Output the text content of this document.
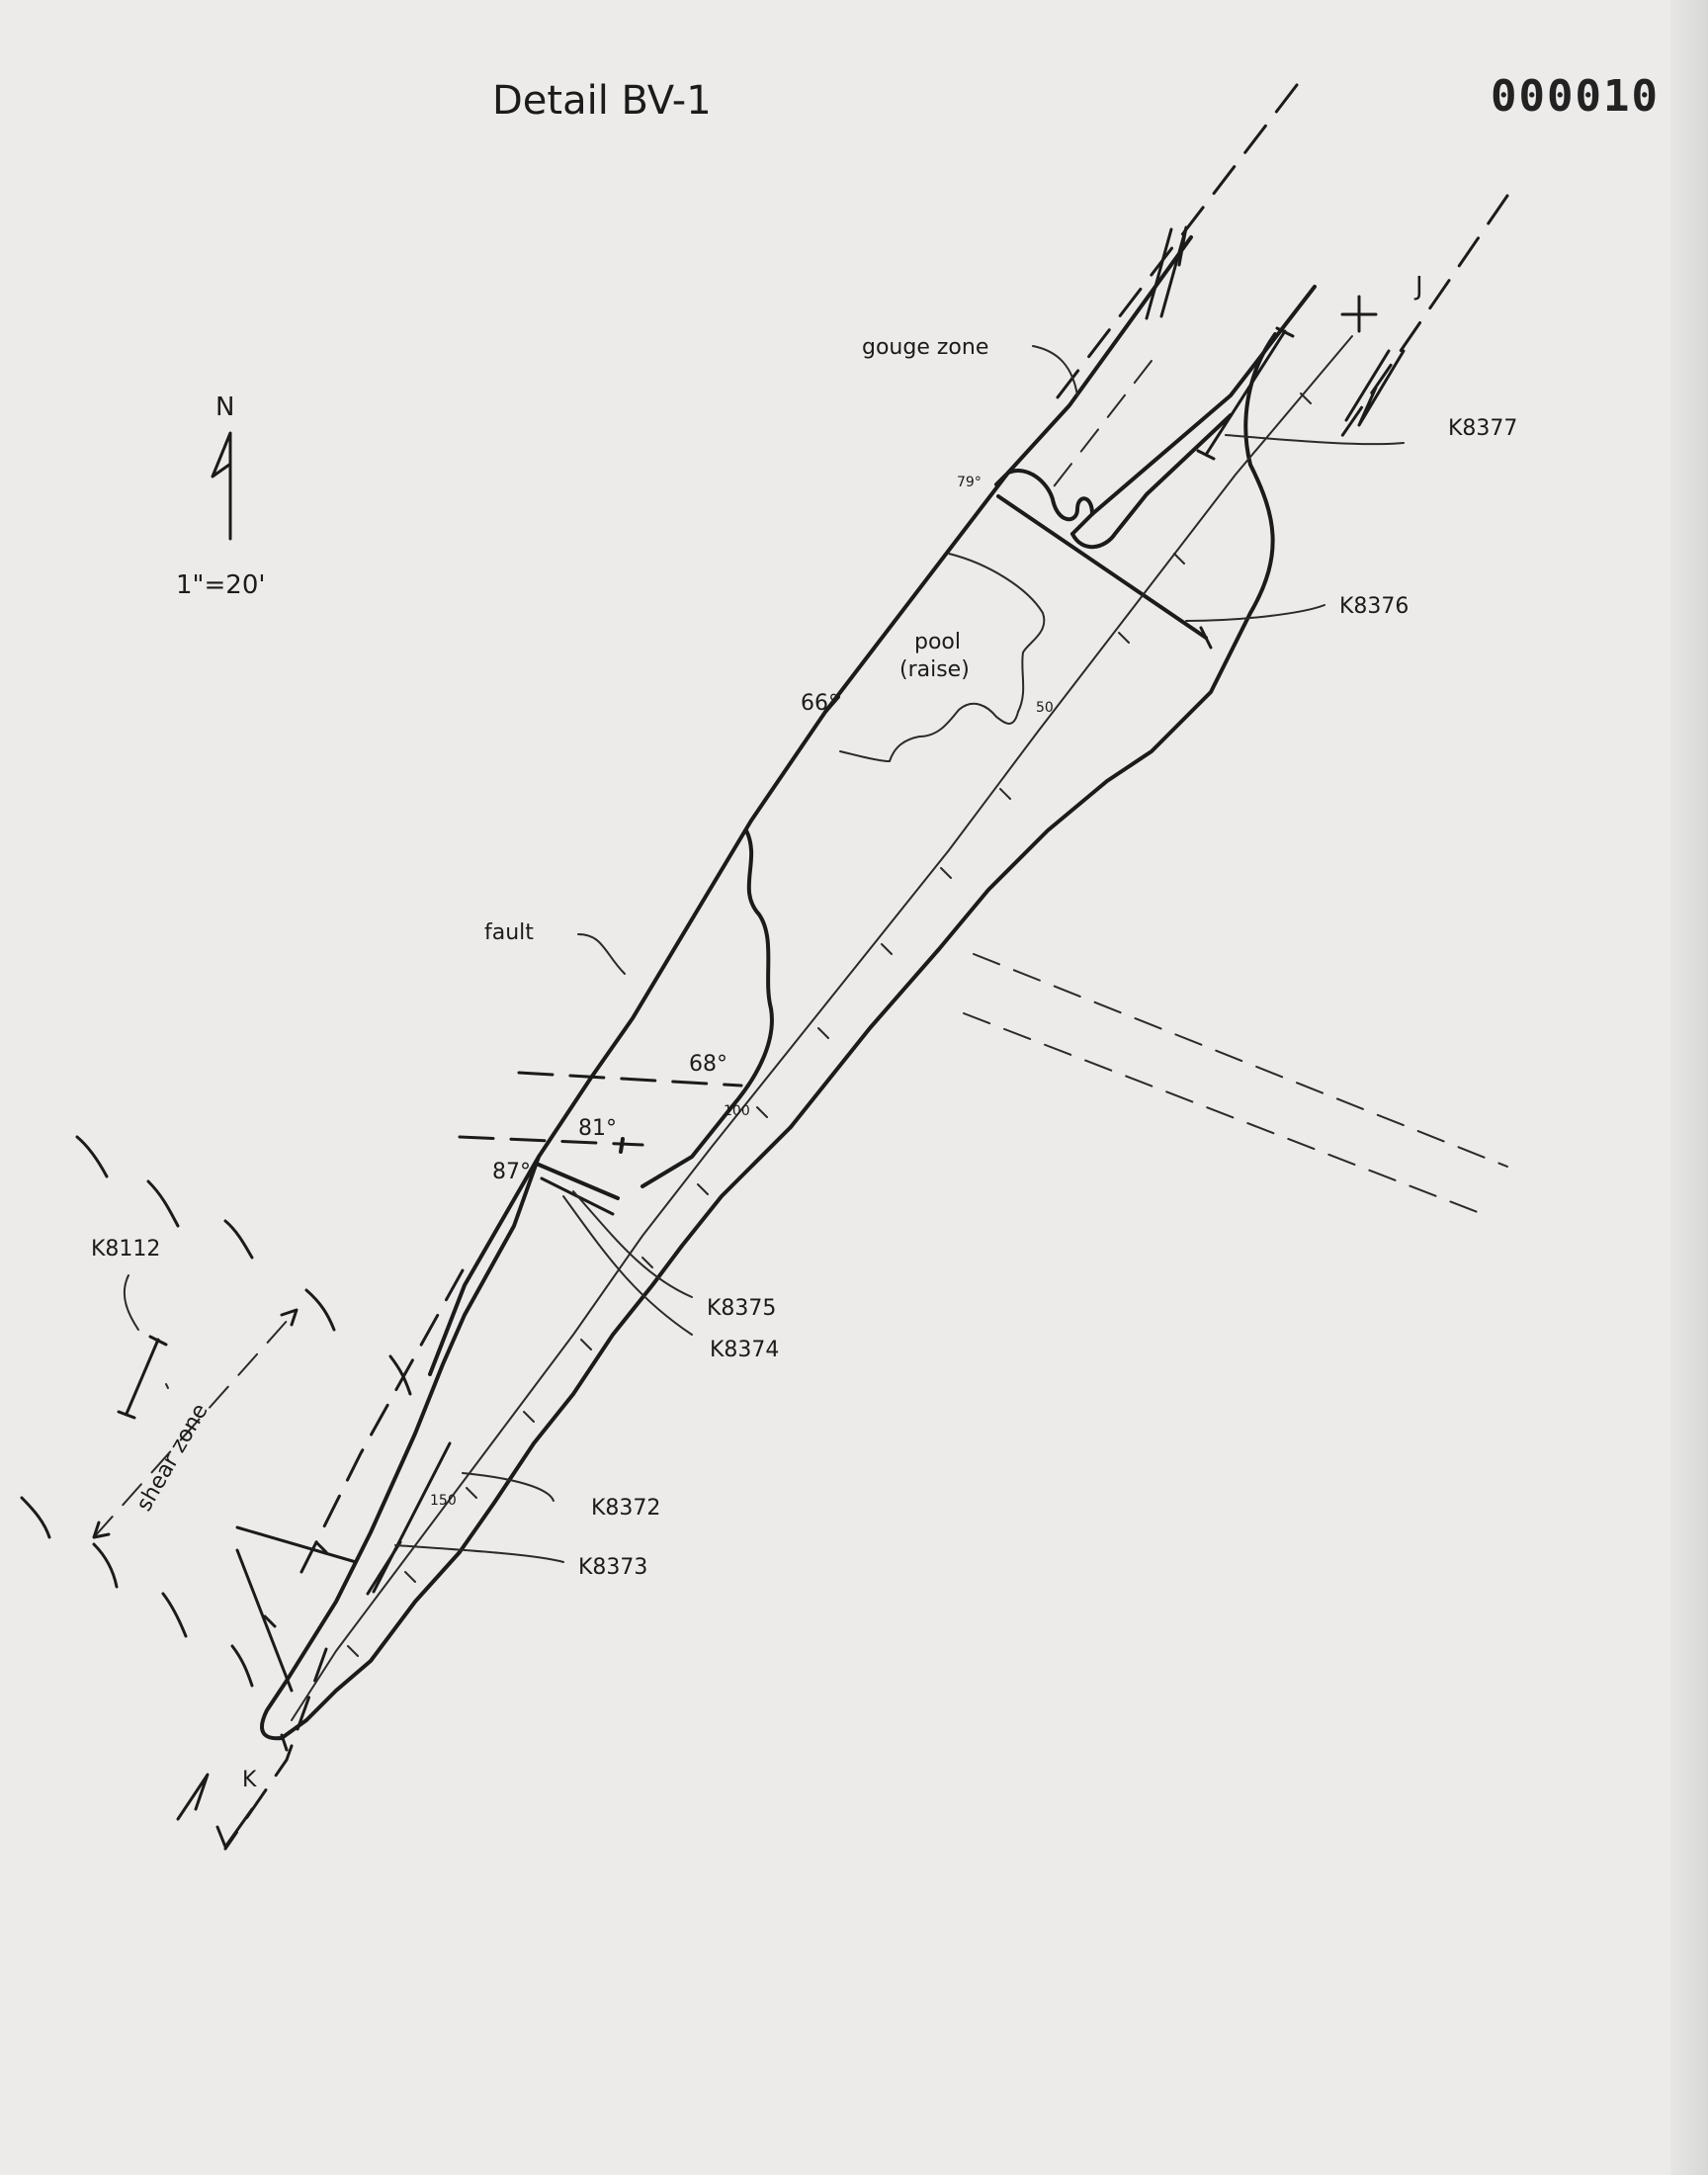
Detail BV-1	000010
N
1"=20'
J
pool
(raise)
gouge zone
K8377
K8376
79°
66°
68°
81°
87°
K8375
K8374
fault
50
100
150	K8372
K8373
K
shear zone
K8112
